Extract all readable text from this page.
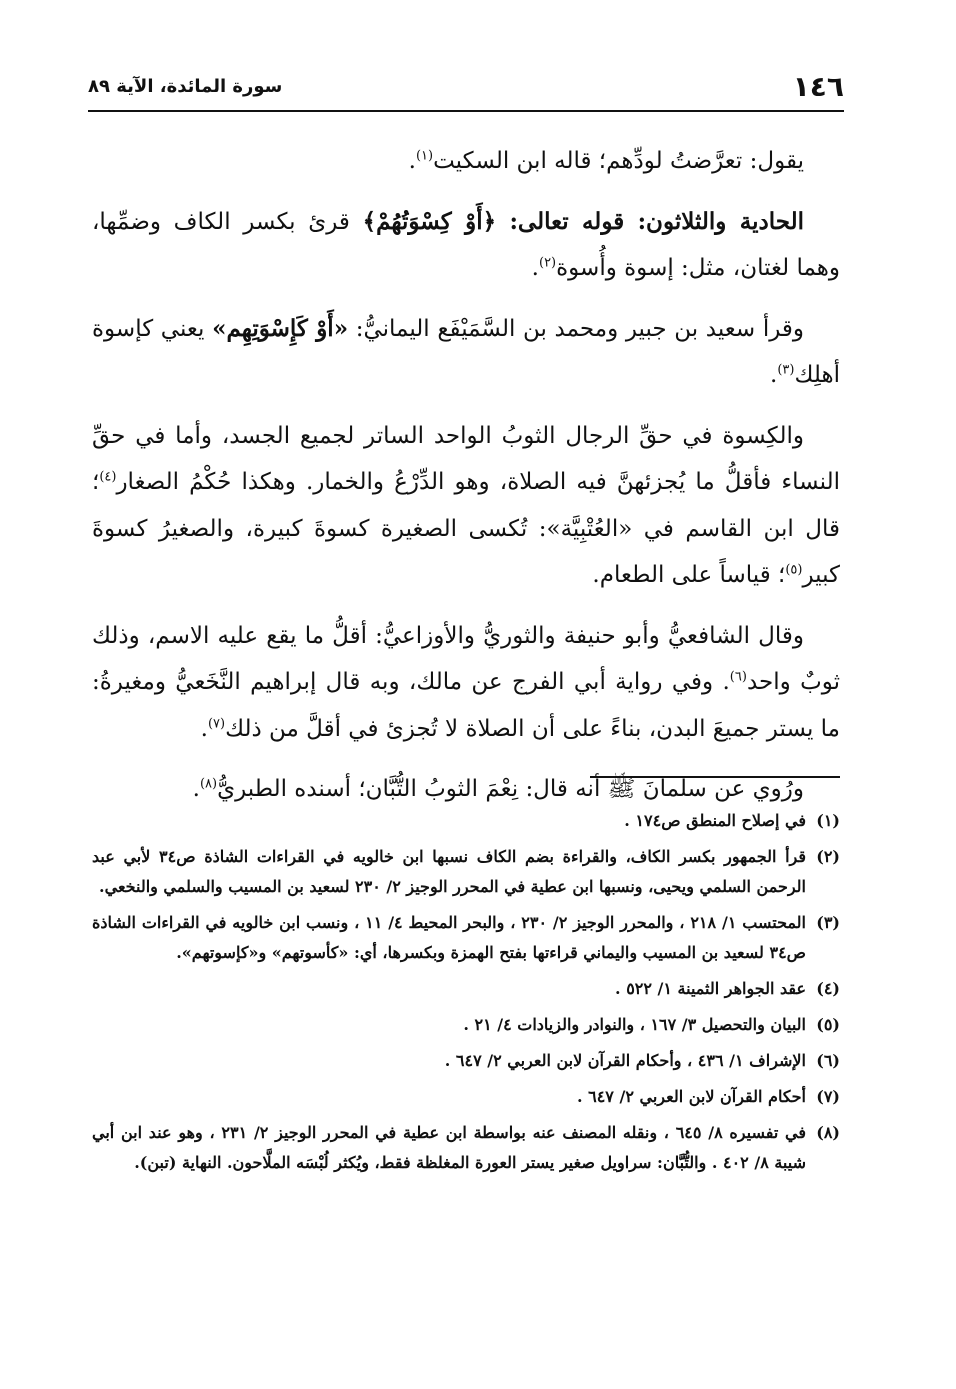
١٤٦
سورة المائدة، الآية ٨٩

يقول: تعرَّضتُ لودِّهم؛ قاله ابن السكيت$^{(١)}$.

الحادية والثلاثون: قوله تعالى: ﴿أَوْ كِسْوَتُهُمْ﴾ قرئ بكسر الكاف وضمِّها، وهما لغتان، مثل: إسوة وأُسوة$^{(٢)}$.

وقرأ سعيد بن جبير ومحمد بن السَّمَيْفَع اليمانيُّ: «أَوْ كَإِسْوَتِهِم» يعني كإسوة أهلِك$^{(٣)}$.

والكِسوة في حقِّ الرجال الثوبُ الواحد الساتر لجميع الجسد، وأما في حقِّ النساء فأقلُّ ما يُجزئهنَّ فيه الصلاة، وهو الدِّرْعُ والخمار. وهكذا حُكْمُ الصغار$^{(٤)}$؛ قال ابن القاسم في «العُتْبِيَّة»: تُكسى الصغيرة كسوةَ كبيرة، والصغيرُ كسوةَ كبير$^{(٥)}$؛ قياساً على الطعام.

وقال الشافعيُّ وأبو حنيفة والثوريُّ والأوزاعيُّ: أقلُّ ما يقع عليه الاسم، وذلك ثوبٌ واحد$^{(٦)}$. وفي رواية أبي الفرج عن مالك، وبه قال إبراهيم النَّخَعيُّ ومغيرةُ: ما يستر جميعَ البدن، بناءً على أن الصلاة لا تُجزئ في أقلَّ من ذلك$^{(٧)}$.

ورُوي عن سلمانَ ﷺ أنه قال: نِعْمَ الثوبُ التُّبَّان؛ أسنده الطبريُّ$^{(٨)}$.

(١)
في إصلاح المنطق ص١٧٤ .
(٢)
قرأ الجمهور بكسر الكاف، والقراءة بضم الكاف نسبها ابن خالويه في القراءات الشاذة ص٣٤ لأبي عبد الرحمن السلمي ويحيى، ونسبها ابن عطية في المحرر الوجيز ٢/ ٢٣٠ لسعيد بن المسيب والسلمي والنخعي.
(٣)
المحتسب ١/ ٢١٨ ، والمحرر الوجيز ٢/ ٢٣٠ ، والبحر المحيط ٤/ ١١ ، ونسب ابن خالويه في القراءات الشاذة ص٣٤ لسعيد بن المسيب واليماني قراءتها بفتح الهمزة وبكسرها، أي: «كأسوتهم» و«كإسوتهم».
(٤)
عقد الجواهر الثمينة ١/ ٥٢٢ .
(٥)
البيان والتحصيل ٣/ ١٦٧ ، والنوادر والزيادات ٤/ ٢١ .
(٦)
الإشراف ١/ ٤٣٦ ، وأحكام القرآن لابن العربي ٢/ ٦٤٧ .
(٧)
أحكام القرآن لابن العربي ٢/ ٦٤٧ .
(٨)
في تفسيره ٨/ ٦٤٥ ، ونقله المصنف عنه بواسطة ابن عطية في المحرر الوجيز ٢/ ٢٣١ ، وهو عند ابن أبي شيبة ٨/ ٤٠٢ . والتُّبَّان: سراويل صغير يستر العورة المغلظة فقط، ويُكثر لُبْسَه الملَّاحون. النهاية (تبن).
